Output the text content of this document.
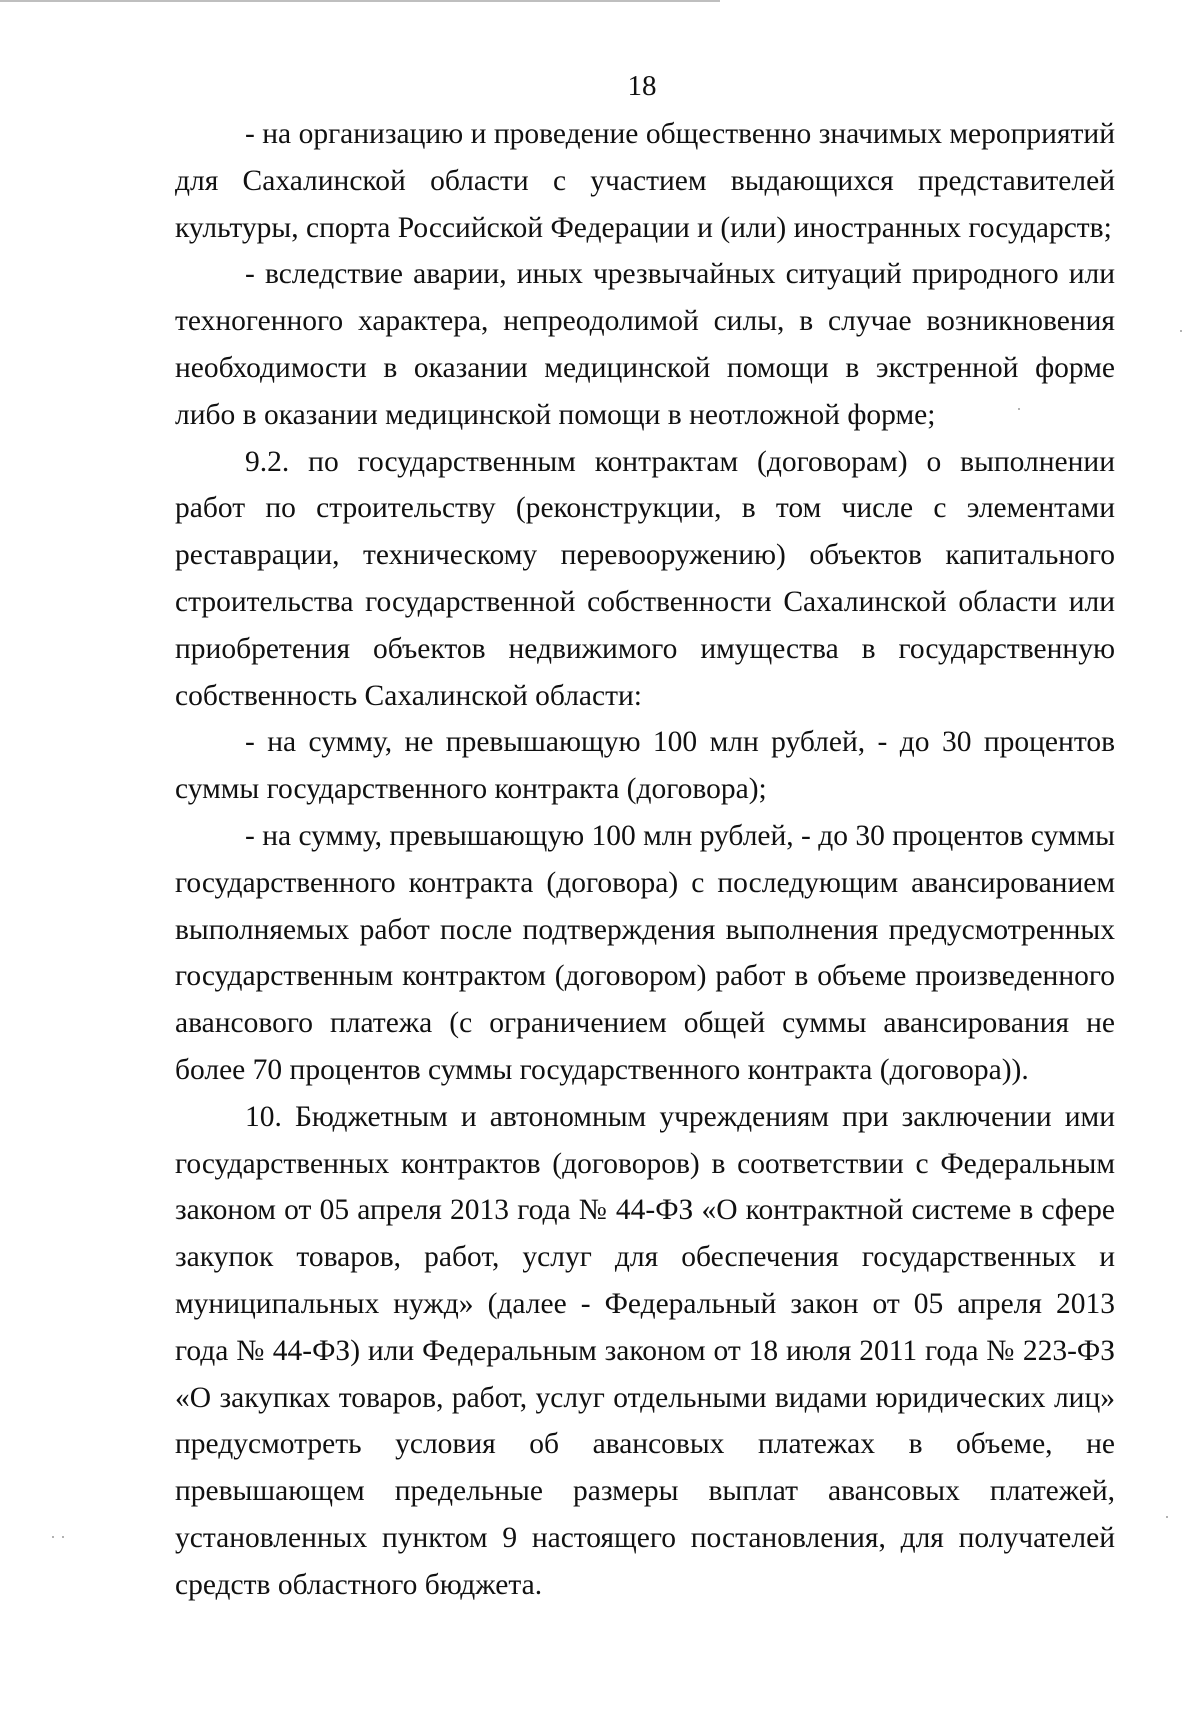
18

- на организацию и проведение общественно значимых мероприятий для Сахалинской области с участием выдающихся представителей культуры, спорта Российской Федерации и (или) иностранных государств;

- вследствие аварии, иных чрезвычайных ситуаций природного или техногенного характера, непреодолимой силы, в случае возникновения необходимости в оказании медицинской помощи в экстренной форме либо в оказании медицинской помощи в неотложной форме;

9.2. по государственным контрактам (договорам) о выполнении работ по строительству (реконструкции, в том числе с элементами реставрации, техническому перевооружению) объектов капитального строительства государственной собственности Сахалинской области или приобретения объектов недвижимого имущества в государственную собственность Сахалинской области:

- на сумму, не превышающую 100 млн рублей, - до 30 процентов суммы государственного контракта (договора);

- на сумму, превышающую 100 млн рублей, - до 30 процентов суммы государственного контракта (договора) с последующим авансированием выполняемых работ после подтверждения выполнения предусмотренных государственным контрактом (договором) работ в объеме произведенного авансового платежа (с ограничением общей суммы авансирования не более 70 процентов суммы государственного контракта (договора)).

10. Бюджетным и автономным учреждениям при заключении ими государственных контрактов (договоров) в соответствии с Федеральным законом от 05 апреля 2013 года № 44-ФЗ «О контрактной системе в сфере закупок товаров, работ, услуг для обеспечения государственных и муниципальных нужд» (далее - Федеральный закон от 05 апреля 2013 года № 44-ФЗ) или Федеральным законом от 18 июля 2011 года № 223-ФЗ «О закупках товаров, работ, услуг отдельными видами юридических лиц» предусмотреть условия об авансовых платежах в объеме, не превышающем предельные размеры выплат авансовых платежей, установленных пунктом 9 настоящего постановления, для получателей средств областного бюджета.
